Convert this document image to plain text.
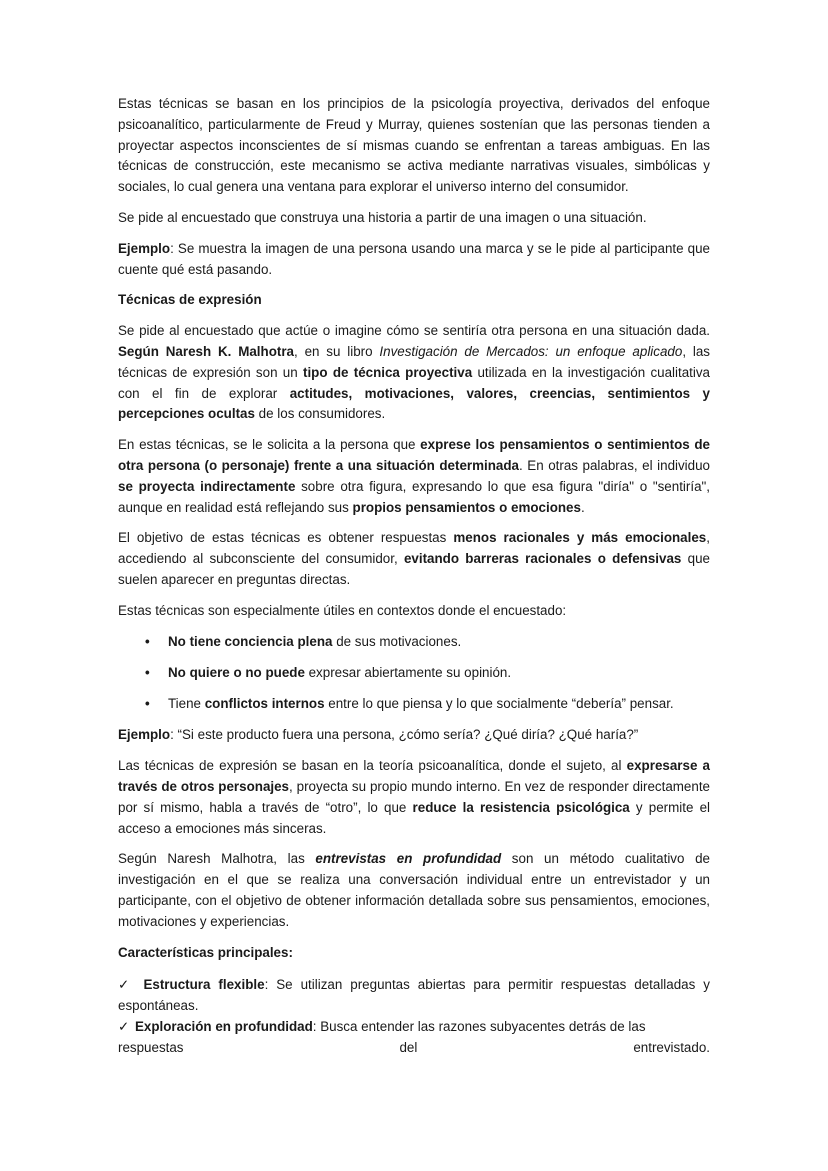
Estas técnicas se basan en los principios de la psicología proyectiva, derivados del enfoque psicoanalítico, particularmente de Freud y Murray, quienes sostenían que las personas tienden a proyectar aspectos inconscientes de sí mismas cuando se enfrentan a tareas ambiguas. En las técnicas de construcción, este mecanismo se activa mediante narrativas visuales, simbólicas y sociales, lo cual genera una ventana para explorar el universo interno del consumidor.

Se pide al encuestado que construya una historia a partir de una imagen o una situación.

Ejemplo: Se muestra la imagen de una persona usando una marca y se le pide al participante que cuente qué está pasando.

Técnicas de expresión

Se pide al encuestado que actúe o imagine cómo se sentiría otra persona en una situación dada. Según Naresh K. Malhotra, en su libro Investigación de Mercados: un enfoque aplicado, las técnicas de expresión son un tipo de técnica proyectiva utilizada en la investigación cualitativa con el fin de explorar actitudes, motivaciones, valores, creencias, sentimientos y percepciones ocultas de los consumidores.

En estas técnicas, se le solicita a la persona que exprese los pensamientos o sentimientos de otra persona (o personaje) frente a una situación determinada. En otras palabras, el individuo se proyecta indirectamente sobre otra figura, expresando lo que esa figura "diría" o "sentiría", aunque en realidad está reflejando sus propios pensamientos o emociones.

El objetivo de estas técnicas es obtener respuestas menos racionales y más emocionales, accediendo al subconsciente del consumidor, evitando barreras racionales o defensivas que suelen aparecer en preguntas directas.

Estas técnicas son especialmente útiles en contextos donde el encuestado:

• No tiene conciencia plena de sus motivaciones.
• No quiere o no puede expresar abiertamente su opinión.
• Tiene conflictos internos entre lo que piensa y lo que socialmente “debería” pensar.

Ejemplo: “Si este producto fuera una persona, ¿cómo sería? ¿Qué diría? ¿Qué haría?”

Las técnicas de expresión se basan en la teoría psicoanalítica, donde el sujeto, al expresarse a través de otros personajes, proyecta su propio mundo interno. En vez de responder directamente por sí mismo, habla a través de “otro”, lo que reduce la resistencia psicológica y permite el acceso a emociones más sinceras.

Según Naresh Malhotra, las entrevistas en profundidad son un método cualitativo de investigación en el que se realiza una conversación individual entre un entrevistador y un participante, con el objetivo de obtener información detallada sobre sus pensamientos, emociones, motivaciones y experiencias.

Características principales:

✓ Estructura flexible: Se utilizan preguntas abiertas para permitir respuestas detalladas y espontáneas.

✓ Exploración en profundidad: Busca entender las razones subyacentes detrás de las

respuestas	del	entrevistado.
